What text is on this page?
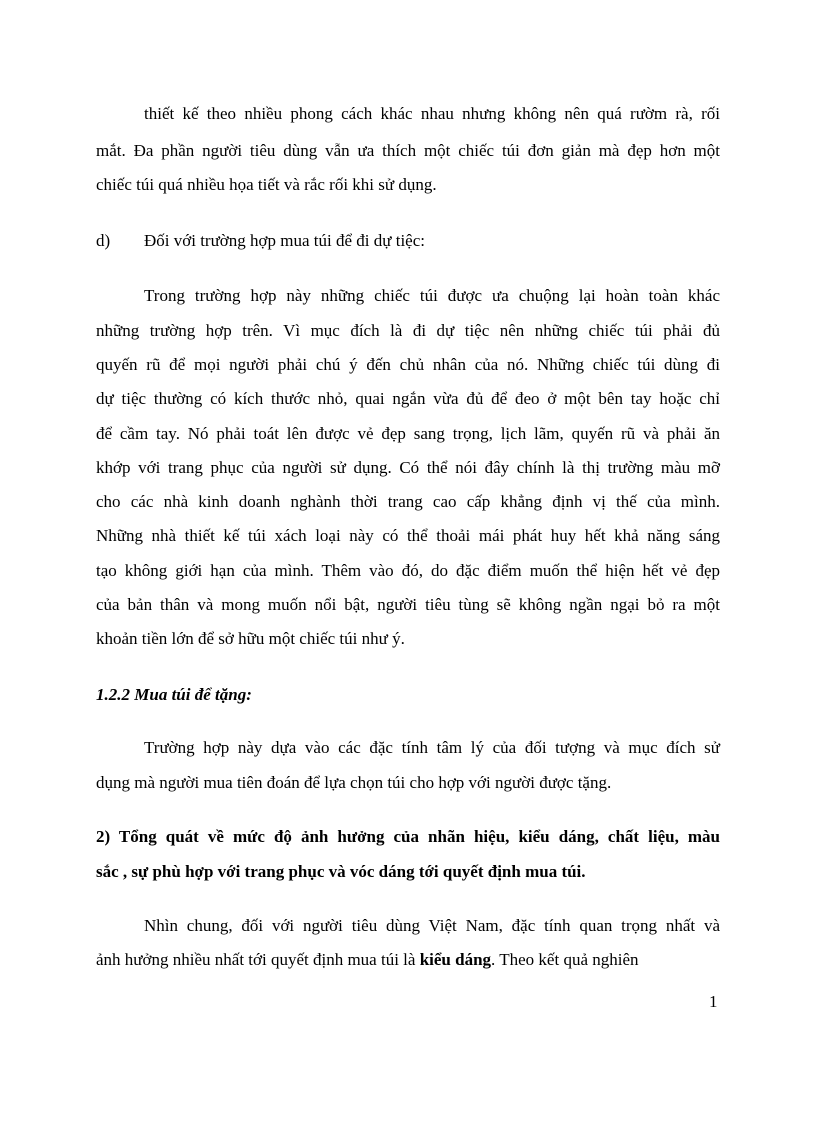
thiết kế theo nhiều phong cách khác nhau nhưng không nên quá rườm rà, rối
mắt. Đa phần người tiêu dùng vẫn ưa thích một chiếc túi đơn giản mà đẹp hơn một
chiếc túi quá nhiều họa tiết và rắc rối khi sử dụng.
d) Đối với trường hợp mua túi để đi dự tiệc:
Trong trường hợp này những chiếc túi được ưa chuộng lại hoàn toàn khác
những trường hợp trên. Vì mục đích là đi dự tiệc nên những chiếc túi phải đủ
quyến rũ để mọi người phải chú ý đến chủ nhân của nó. Những chiếc túi dùng đi
dự tiệc thường có kích thước nhỏ, quai ngắn vừa đủ để đeo ở một bên tay hoặc chỉ
để cầm tay. Nó phải toát lên được vẻ đẹp sang trọng, lịch lãm, quyến rũ và phải ăn
khớp với trang phục của người sử dụng. Có thể nói đây chính là thị trường màu mỡ
cho các nhà kinh doanh nghành thời trang cao cấp khẳng định vị thế của mình.
Những nhà thiết kế túi xách loại này có thể thoải mái phát huy hết khả năng sáng
tạo không giới hạn của mình. Thêm vào đó, do đặc điểm muốn thể hiện hết vẻ đẹp
của bản thân và mong muốn nổi bật, người tiêu tùng sẽ không ngần ngại bỏ ra một
khoản tiền lớn để sở hữu một chiếc túi như ý.
1.2.2 Mua túi để tặng:
Trường hợp này dựa vào các đặc tính tâm lý của đối tượng và mục đích sử
dụng mà người mua tiên đoán để lựa chọn túi cho hợp với người được tặng.
2) Tổng quát về mức độ ảnh hưởng của nhãn hiệu, kiểu dáng, chất liệu, màu
sắc , sự phù hợp với trang phục và vóc dáng tới quyết định mua túi.
Nhìn chung, đối với người tiêu dùng Việt Nam, đặc tính quan trọng nhất và
ảnh hưởng nhiều nhất tới quyết định mua túi là kiểu dáng. Theo kết quả nghiên
1
